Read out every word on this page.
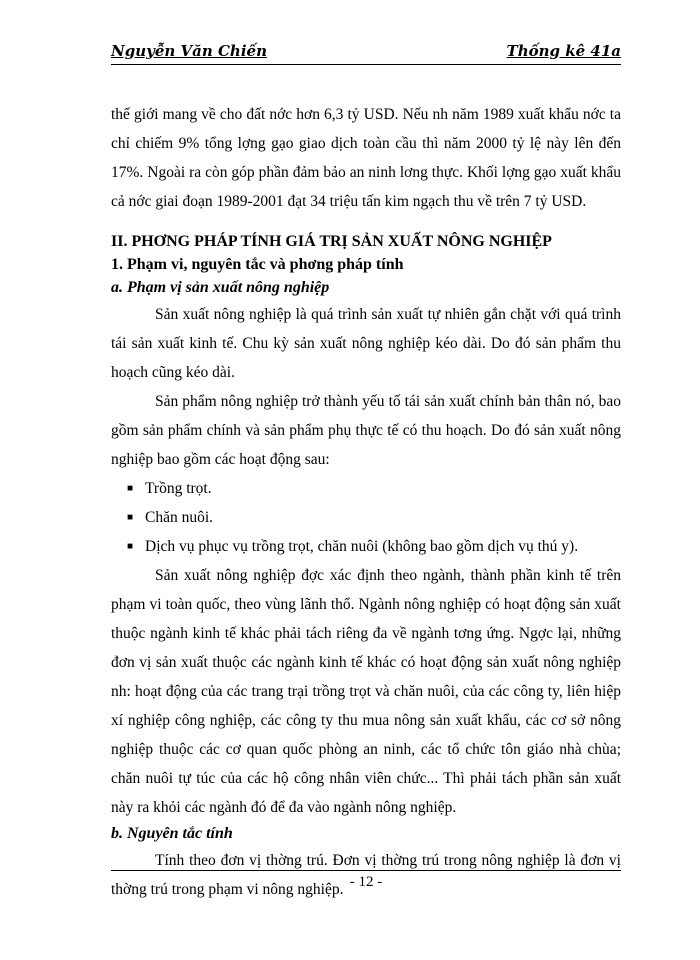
Nguyễn Văn Chiến	Thống kê 41a

thế giới mang về cho đất nớc hơn 6,3 tỷ USD. Nếu nh năm 1989 xuất khẩu nớc ta chỉ chiếm 9% tổng lợng gạo giao dịch toàn cầu thì năm 2000 tỷ lệ này lên đến 17%. Ngoài ra còn góp phần đảm bảo an ninh lơng thực. Khối lợng gạo xuất khẩu cả nớc giai đoạn 1989-2001 đạt 34 triệu tấn kim ngạch thu về trên 7 tỷ USD.

II. PHƠNG PHÁP TÍNH GIÁ TRỊ SẢN XUẤT NÔNG NGHIỆP

1. Phạm vi, nguyên tắc và phơng pháp tính

a. Phạm vị sản xuất nông nghiệp

Sản xuất nông nghiệp là quá trình sản xuất tự nhiên gắn chặt với quá trình tái sản xuất kinh tế. Chu kỳ sản xuất nông nghiệp kéo dài. Do đó sản phẩm thu hoạch cũng kéo dài.

Sản phẩm nông nghiệp trở thành yếu tố tái sản xuất chính bản thân nó, bao gồm sản phẩm chính và sản phẩm phụ thực tế có thu hoạch. Do đó sản xuất nông nghiệp bao gồm các hoạt động sau:

■ Trồng trọt.
■ Chăn nuôi.
■ Dịch vụ phục vụ trồng trọt, chăn nuôi (không bao gồm dịch vụ thú y).

Sản xuất nông nghiệp đợc xác định theo ngành, thành phần kinh tế trên phạm vi toàn quốc, theo vùng lãnh thổ. Ngành nông nghiệp có hoạt động sản xuất thuộc ngành kinh tế khác phải tách riêng đa về ngành tơng ứng. Ngợc lại, những đơn vị sản xuất thuộc các ngành kinh tế khác có hoạt động sản xuất nông nghiệp nh: hoạt động của các trang trại trồng trọt và chăn nuôi, của các công ty, liên hiệp xí nghiệp công nghiệp, các công ty thu mua nông sản xuất khẩu, các cơ sở nông nghiệp thuộc các cơ quan quốc phòng an ninh, các tổ chức tôn giáo nhà chùa; chăn nuôi tự túc của các hộ công nhân viên chức... Thì phải tách phần sản xuất này ra khỏi các ngành đó để đa vào ngành nông nghiệp.

b. Nguyên tắc tính

Tính theo đơn vị thờng trú. Đơn vị thờng trú trong nông nghiệp là đơn vị thờng trú trong phạm vi nông nghiệp. - 12 -
